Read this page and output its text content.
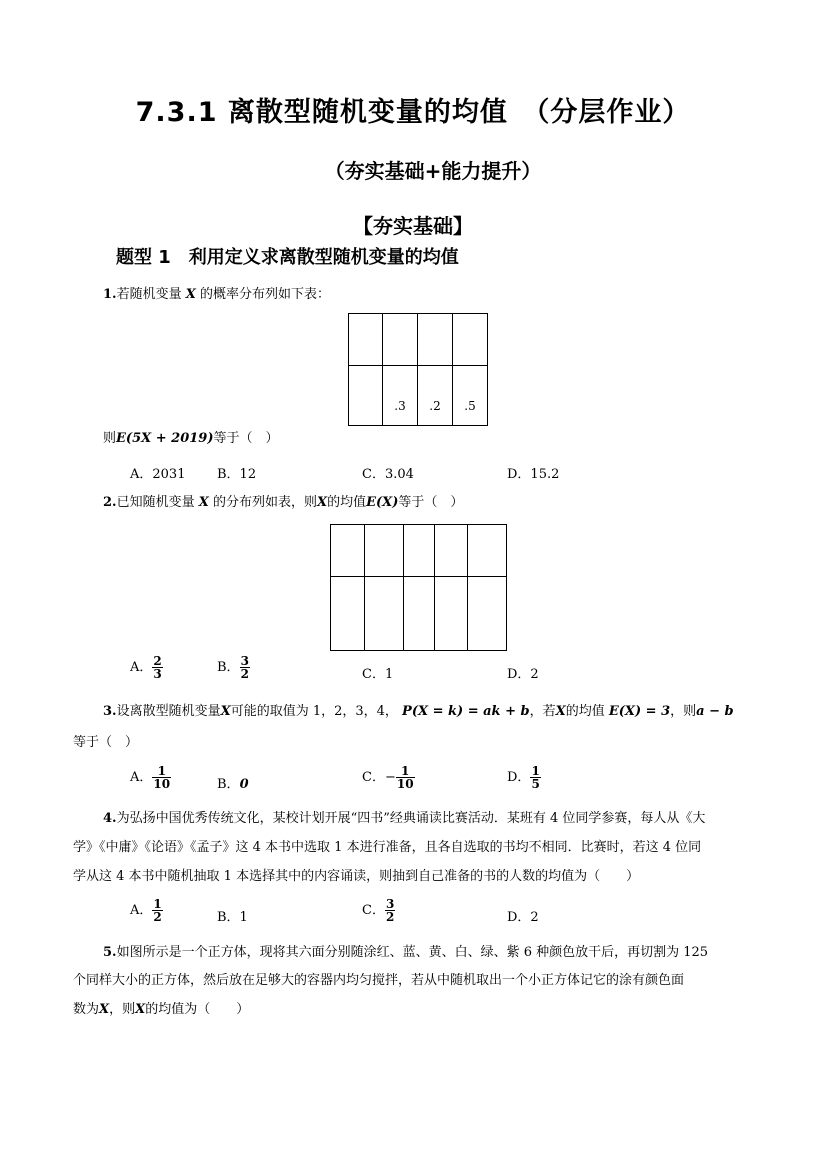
7.3.1 离散型随机变量的均值　（分层作业）
（夯实基础+能力提升）
【夯实基础】
题型 1　利用定义求离散型随机变量的均值
1.若随机变量 X 的概率分布列如下表：

	.3	.2	.5
则E(5X + 2019)等于（　）
A．2031 B．12	C．3.04	D．15.2
2.已知随机变量 X 的分布列如表，则X的均值E(X)等于（　）

A． $\frac{2}{3}$	B． $\frac{3}{2}$	C．1	D．2
3.设离散型随机变量X可能的取值为 1，2，3，4， P(X = k) = ak + b，若X的均值 E(X) = 3，则a − b
等于（　）
A． $\frac{1}{10}$	B．0	C．− $\frac{1}{10}$	D． $\frac{1}{5}$
4.为弘扬中国优秀传统文化，某校计划开展“四书”经典诵读比赛活动．某班有 4 位同学参赛，每人从《大
学》《中庸》《论语》《孟子》这 4 本书中选取 1 本进行准备，且各自选取的书均不相同．比赛时，若这 4 位同
学从这 4 本书中随机抽取 1 本选择其中的内容诵读，则抽到自己准备的书的人数的均值为（　　）
A． $\frac{1}{2}$	B．1	C． $\frac{3}{2}$	D．2
5.如图所示是一个正方体，现将其六面分别随涂红、蓝、黄、白、绿、紫 6 种颜色放干后，再切割为 125
个同样大小的正方体，然后放在足够大的容器内均匀搅拌，若从中随机取出一个小正方体记它的涂有颜色面
数为X，则X的均值为（　　）
